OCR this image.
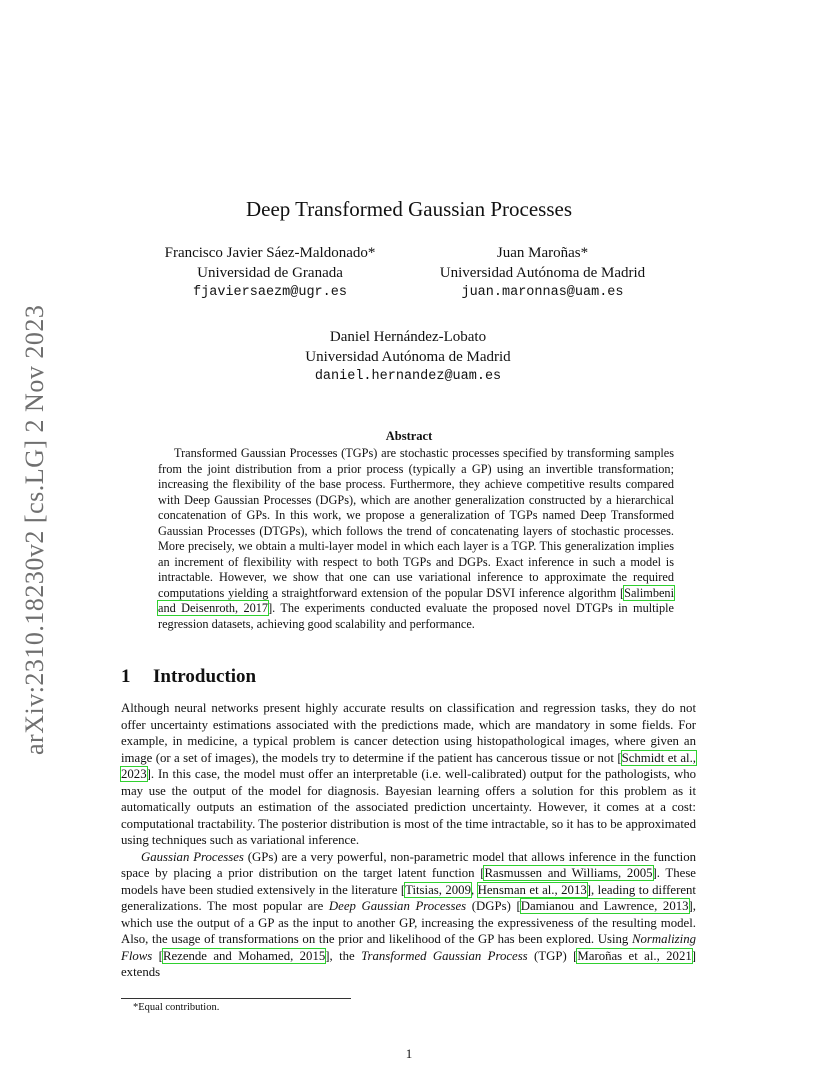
arXiv:2310.18230v2 [cs.LG] 2 Nov 2023
Deep Transformed Gaussian Processes
Francisco Javier Sáez-Maldonado*
Universidad de Granada
fjaviersaezm@ugr.es
Juan Maroñas*
Universidad Autónoma de Madrid
juan.maronnas@uam.es
Daniel Hernández-Lobato
Universidad Autónoma de Madrid
daniel.hernandez@uam.es
Abstract

Transformed Gaussian Processes (TGPs) are stochastic processes specified by transforming samples from the joint distribution from a prior process (typically a GP) using an invertible transformation; increasing the flexibility of the base process. Furthermore, they achieve competitive results compared with Deep Gaussian Processes (DGPs), which are another generalization constructed by a hierarchical concatenation of GPs. In this work, we propose a generalization of TGPs named Deep Transformed Gaussian Processes (DTGPs), which follows the trend of concatenating layers of stochastic processes. More precisely, we obtain a multi-layer model in which each layer is a TGP. This generalization implies an increment of flexibility with respect to both TGPs and DGPs. Exact inference in such a model is intractable. However, we show that one can use variational inference to approximate the required computations yielding a straightforward extension of the popular DSVI inference algorithm [Salimbeni and Deisenroth, 2017]. The experiments conducted evaluate the proposed novel DTGPs in multiple regression datasets, achieving good scalability and performance.

1 Introduction

Although neural networks present highly accurate results on classification and regression tasks, they do not offer uncertainty estimations associated with the predictions made, which are mandatory in some fields. For example, in medicine, a typical problem is cancer detection using histopathological images, where given an image (or a set of images), the models try to determine if the patient has cancerous tissue or not [Schmidt et al., 2023]. In this case, the model must offer an interpretable (i.e. well-calibrated) output for the pathologists, who may use the output of the model for diagnosis. Bayesian learning offers a solution for this problem as it automatically outputs an estimation of the associated prediction uncertainty. However, it comes at a cost: computational tractability. The posterior distribution is most of the time intractable, so it has to be approximated using techniques such as variational inference.

Gaussian Processes (GPs) are a very powerful, non-parametric model that allows inference in the function space by placing a prior distribution on the target latent function [Rasmussen and Williams, 2005]. These models have been studied extensively in the literature [Titsias, 2009, Hensman et al., 2013], leading to different generalizations. The most popular are Deep Gaussian Processes (DGPs) [Damianou and Lawrence, 2013], which use the output of a GP as the input to another GP, increasing the expressiveness of the resulting model. Also, the usage of transformations on the prior and likelihood of the GP has been explored. Using Normalizing Flows [Rezende and Mohamed, 2015], the Transformed Gaussian Process (TGP) [Maroñas et al., 2021] extends

*Equal contribution.
1
